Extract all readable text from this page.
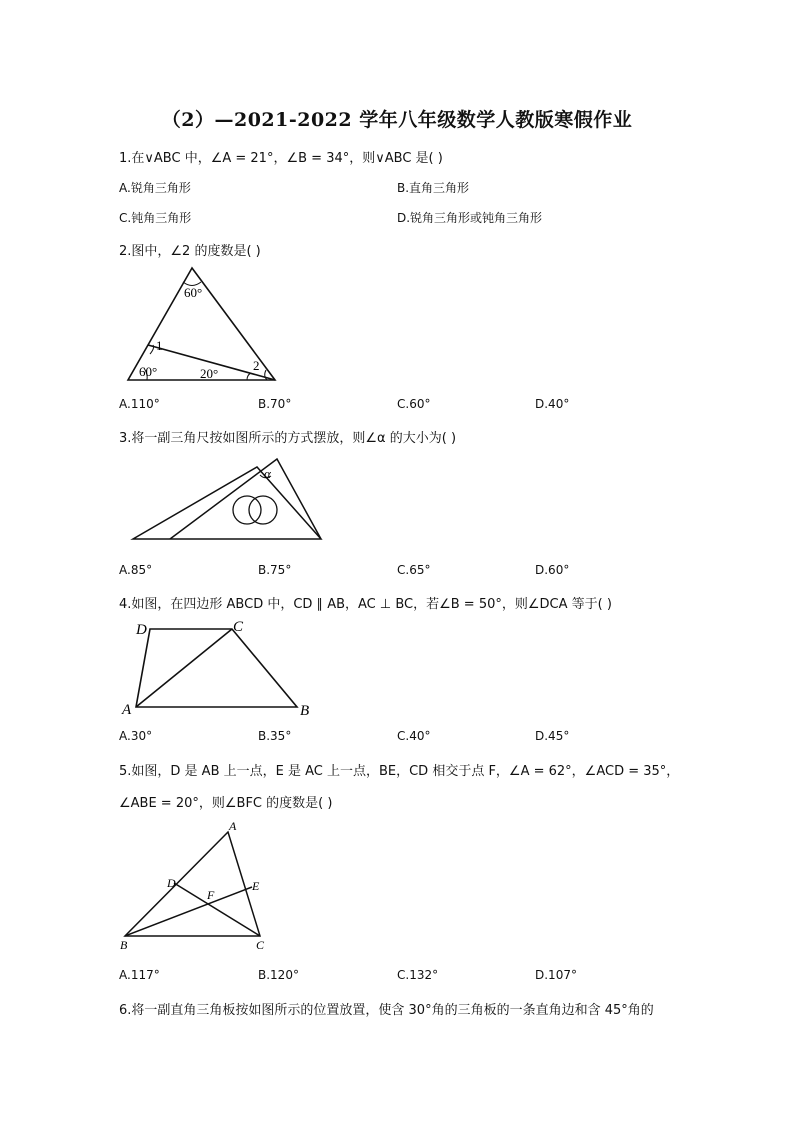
（2）—2021-2022 学年八年级数学人教版寒假作业
1.在∨ABC 中，∠A = 21°，∠B = 34°，则∨ABC 是( )
A.锐角三角形	B.直角三角形
C.钝角三角形	D.锐角三角形或钝角三角形
2.图中，∠2 的度数是( )
60°
1
60°	20°
2
A.110°	B.70°	C.60°	D.40°
3.将一副三角尺按如图所示的方式摆放，则∠α 的大小为( )
α
A.85°	B.75°	C.65°	D.60°
4.如图，在四边形 ABCD 中，CD ∥ AB，AC ⊥ BC，若∠B = 50°，则∠DCA 等于( )
D	C
A	B
A.30°	B.35°	C.40°	D.45°
5.如图，D 是 AB 上一点，E 是 AC 上一点，BE，CD 相交于点 F，∠A = 62°，∠ACD = 35°，
∠ABE = 20°，则∠BFC 的度数是( )
A
D	E
F
B	C
A.117°	B.120°	C.132°	D.107°
6.将一副直角三角板按如图所示的位置放置，使含 30°角的三角板的一条直角边和含 45°角的
